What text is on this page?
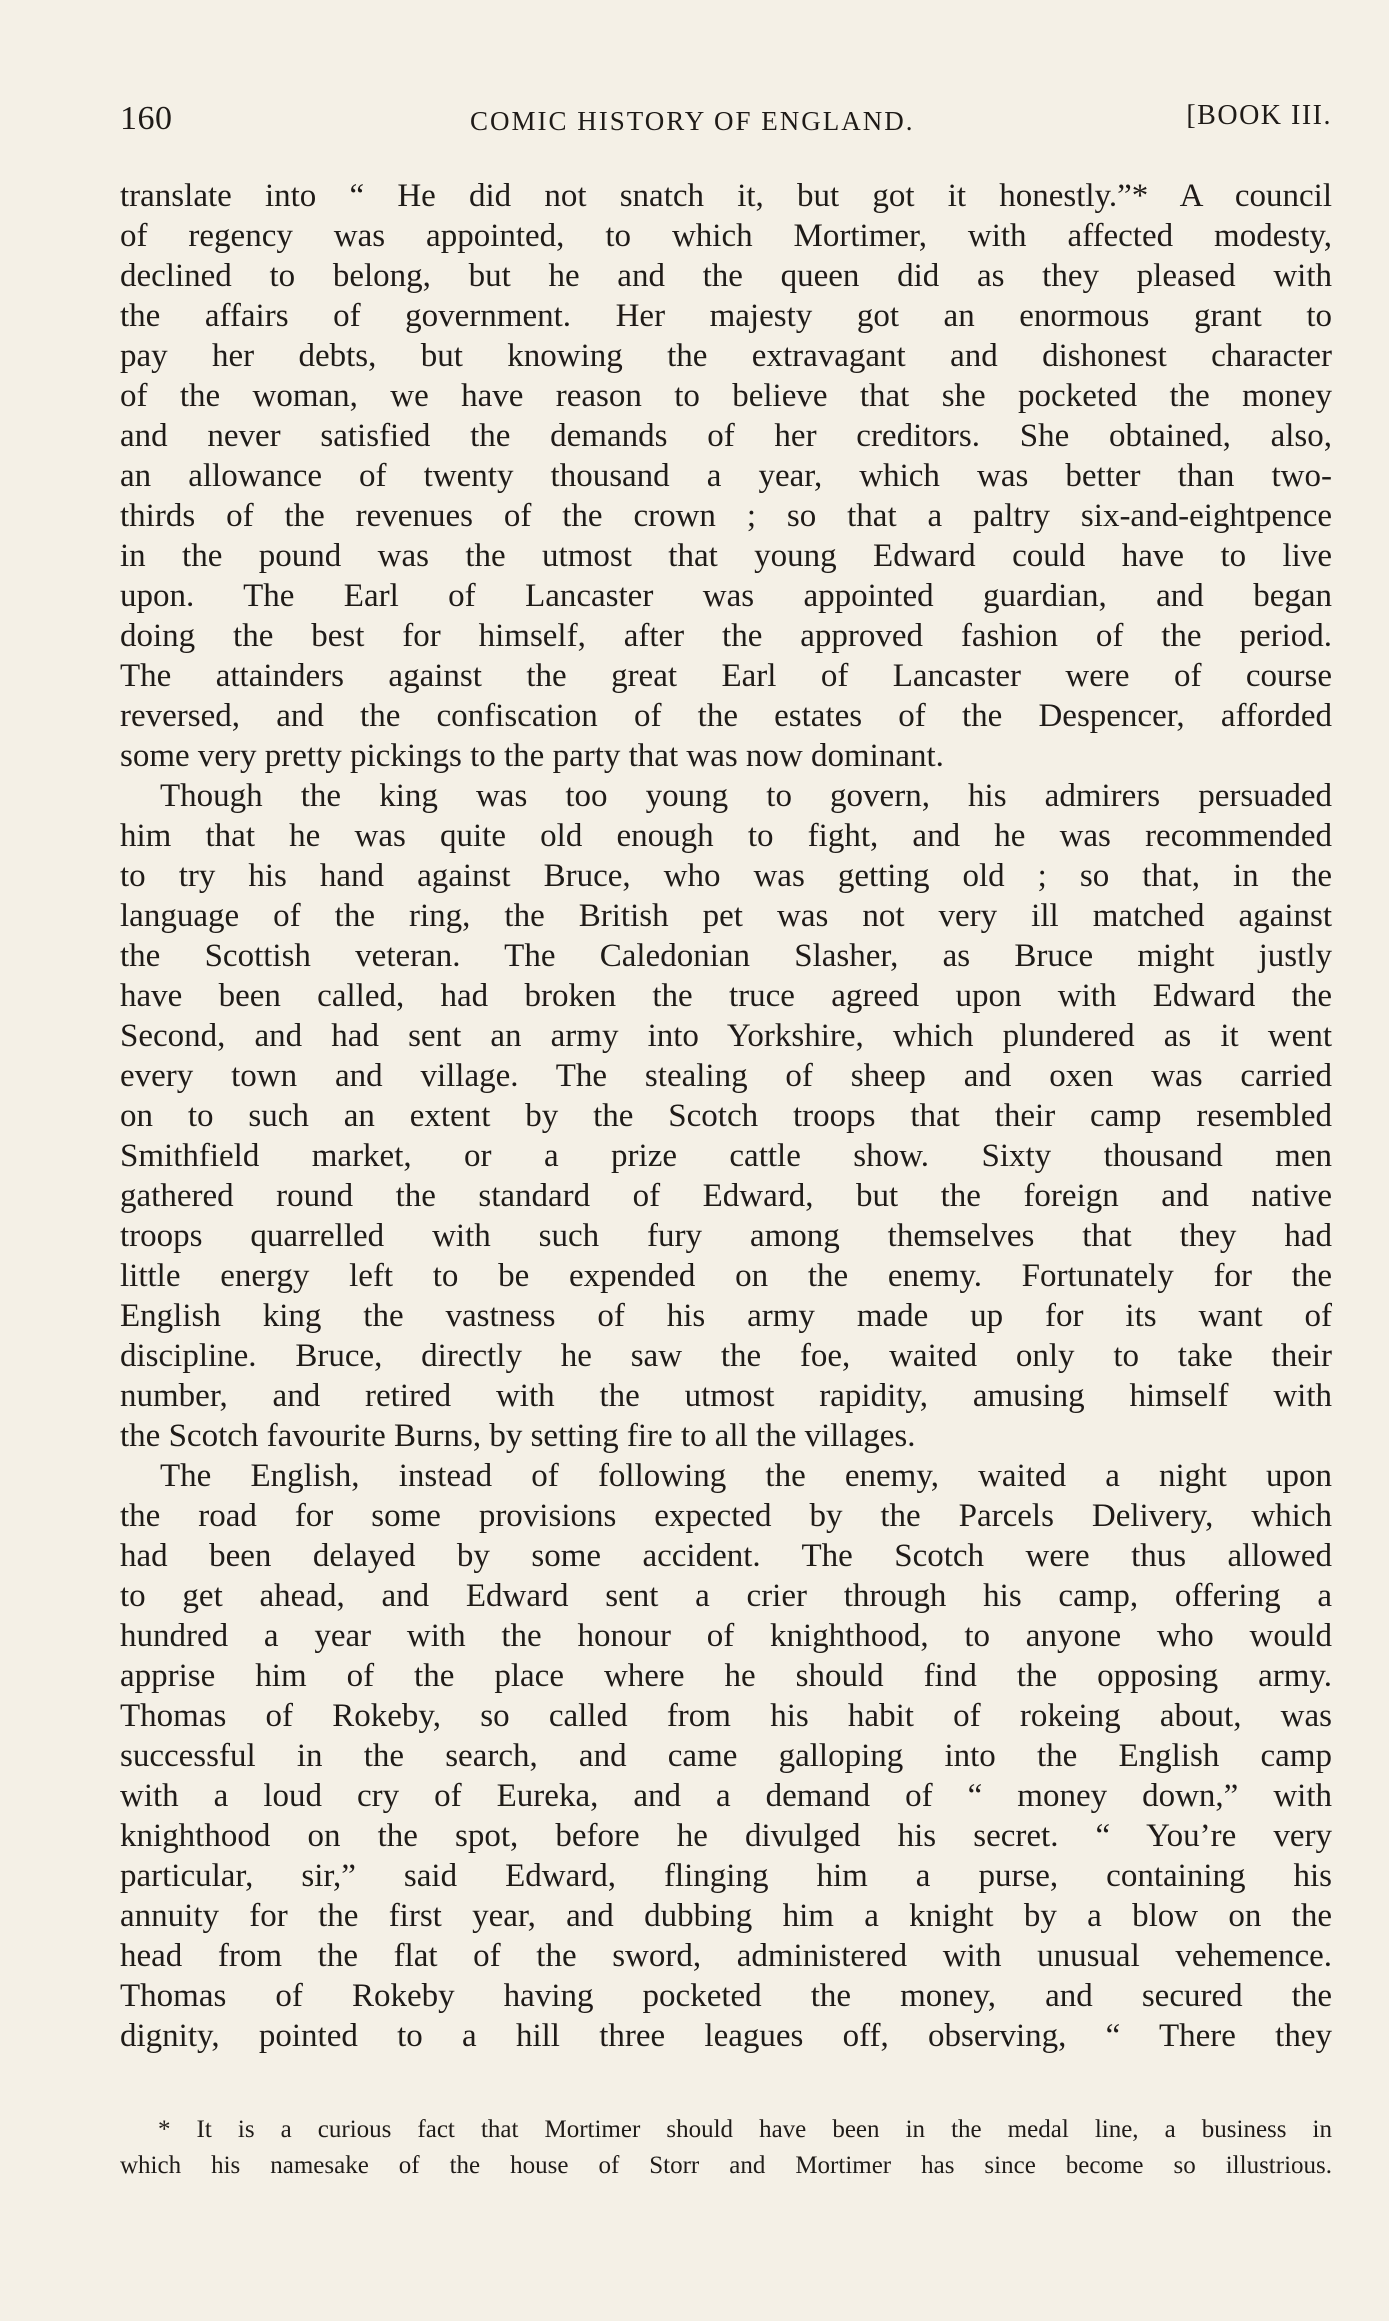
160	COMIC HISTORY OF ENGLAND.	[BOOK III.
translate into “ He did not snatch it, but got it honestly.”* A council
of regency was appointed, to which Mortimer, with affected modesty,
declined to belong, but he and the queen did as they pleased with
the affairs of government. Her majesty got an enormous grant to
pay her debts, but knowing the extravagant and dishonest character
of the woman, we have reason to believe that she pocketed the money
and never satisfied the demands of her creditors. She obtained, also,
an allowance of twenty thousand a year, which was better than two-
thirds of the revenues of the crown ; so that a paltry six-and-eightpence
in the pound was the utmost that young Edward could have to live
upon. The Earl of Lancaster was appointed guardian, and began
doing the best for himself, after the approved fashion of the period.
The attainders against the great Earl of Lancaster were of course
reversed, and the confiscation of the estates of the Despencer, afforded
some very pretty pickings to the party that was now dominant.
Though the king was too young to govern, his admirers persuaded
him that he was quite old enough to fight, and he was recommended
to try his hand against Bruce, who was getting old ; so that, in the
language of the ring, the British pet was not very ill matched against
the Scottish veteran. The Caledonian Slasher, as Bruce might justly
have been called, had broken the truce agreed upon with Edward the
Second, and had sent an army into Yorkshire, which plundered as it went
every town and village. The stealing of sheep and oxen was carried
on to such an extent by the Scotch troops that their camp resembled
Smithfield market, or a prize cattle show. Sixty thousand men
gathered round the standard of Edward, but the foreign and native
troops quarrelled with such fury among themselves that they had
little energy left to be expended on the enemy. Fortunately for the
English king the vastness of his army made up for its want of
discipline. Bruce, directly he saw the foe, waited only to take their
number, and retired with the utmost rapidity, amusing himself with
the Scotch favourite Burns, by setting fire to all the villages.
The English, instead of following the enemy, waited a night upon
the road for some provisions expected by the Parcels Delivery, which
had been delayed by some accident. The Scotch were thus allowed
to get ahead, and Edward sent a crier through his camp, offering a
hundred a year with the honour of knighthood, to anyone who would
apprise him of the place where he should find the opposing army.
Thomas of Rokeby, so called from his habit of rokeing about, was
successful in the search, and came galloping into the English camp
with a loud cry of Eureka, and a demand of “ money down,” with
knighthood on the spot, before he divulged his secret. “ You’re very
particular, sir,” said Edward, flinging him a purse, containing his
annuity for the first year, and dubbing him a knight by a blow on the
head from the flat of the sword, administered with unusual vehemence.
Thomas of Rokeby having pocketed the money, and secured the
dignity, pointed to a hill three leagues off, observing, “ There they
* It is a curious fact that Mortimer should have been in the medal line, a business in
which his namesake of the house of Storr and Mortimer has since become so illustrious.
